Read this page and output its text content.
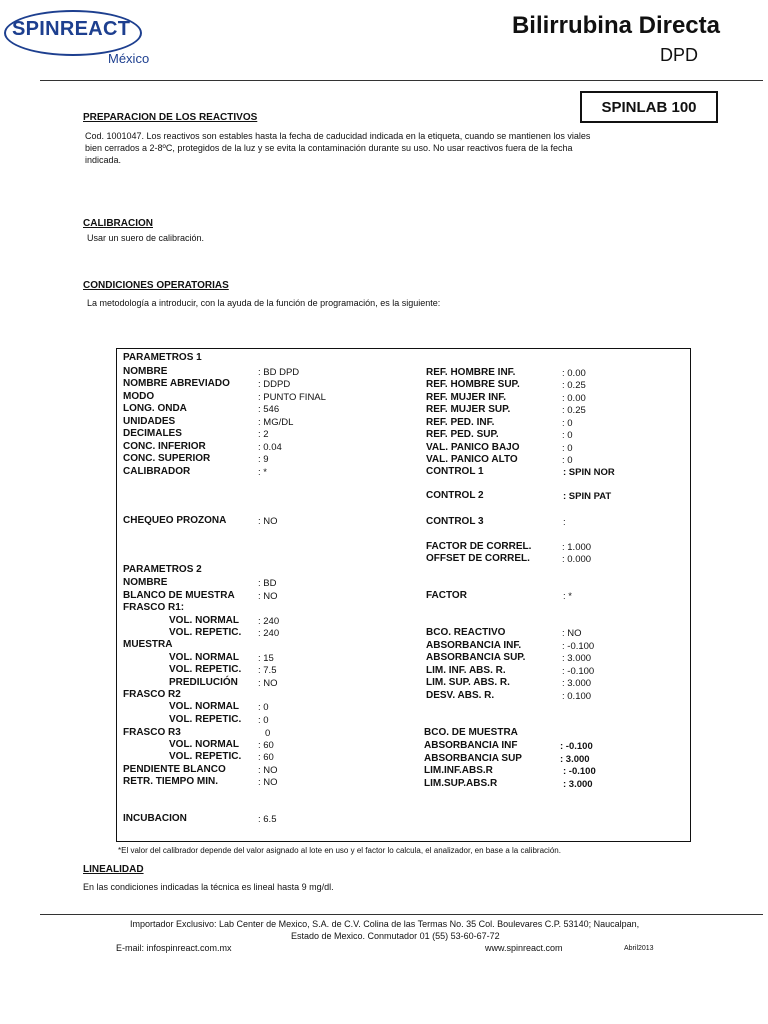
SPINREACT
México
Bilirrubina Directa
DPD
SPINLAB 100
PREPARACION DE LOS REACTIVOS
Cod. 1001047. Los reactivos son estables hasta la fecha de caducidad indicada en la etiqueta, cuando se mantienen los viales
bien cerrados a 2-8ºC, protegidos de la luz y se evita la contaminación durante su uso. No usar reactivos fuera de la fecha
indicada.
CALIBRACION
Usar un suero de calibración.
CONDICIONES OPERATORIAS
La metodología a introducir, con la ayuda de la función de programación, es la siguiente:
PARAMETROS 1
NOMBRE	: BD DPD
NOMBRE ABREVIADO	: DDPD
MODO	: PUNTO FINAL
LONG. ONDA	: 546
UNIDADES	: MG/DL
DECIMALES	: 2
CONC. INFERIOR	: 0.04
CONC. SUPERIOR	: 9
CALIBRADOR	: *
CHEQUEO PROZONA	: NO
PARAMETROS 2
NOMBRE	: BD
BLANCO DE MUESTRA : NO
FRASCO R1:
VOL. NORMAL : 240
VOL. REPETIC. : 240
MUESTRA
VOL. NORMAL : 15
VOL. REPETIC. : 7.5
PREDILUCIÓN : NO
FRASCO R2
VOL. NORMAL : 0
VOL. REPETIC. : 0
FRASCO R3	0
VOL. NORMAL : 60
VOL. REPETIC. : 60
PENDIENTE BLANCO	: NO
RETR. TIEMPO MIN.	: NO
INCUBACION	: 6.5
REF. HOMBRE INF.	: 0.00
REF. HOMBRE SUP.	: 0.25
REF. MUJER INF.	: 0.00
REF. MUJER SUP.	: 0.25
REF. PED. INF.	: 0
REF. PED. SUP.	: 0
VAL. PANICO BAJO	: 0
VAL. PANICO ALTO	: 0
CONTROL 1	: SPIN NOR
CONTROL 2	: SPIN PAT
CONTROL 3	:
FACTOR DE CORREL.	: 1.000
OFFSET DE CORREL.	: 0.000
FACTOR	: *
BCO. REACTIVO	: NO
ABSORBANCIA INF.	: -0.100
ABSORBANCIA SUP.	: 3.000
LIM. INF. ABS. R.	: -0.100
LIM. SUP. ABS. R.	: 3.000
DESV. ABS. R.	: 0.100
BCO. DE MUESTRA
ABSORBANCIA INF	: -0.100
ABSORBANCIA SUP	: 3.000
LIM.INF.ABS.R	: -0.100
LIM.SUP.ABS.R	: 3.000
*El valor del calibrador depende del valor asignado al lote en uso y el factor lo calcula, el analizador, en base a la calibración.
LINEALIDAD
En las condiciones indicadas la técnica es lineal hasta 9 mg/dl.
Importador Exclusivo: Lab Center de Mexico, S.A. de C.V. Colina de las Termas No. 35 Col. Boulevares C.P. 53140; Naucalpan,
Estado de Mexico. Conmutador 01 (55) 53-60-67-72
E-mail: infospinreact.com.mx	www.spinreact.com	Abril2013
